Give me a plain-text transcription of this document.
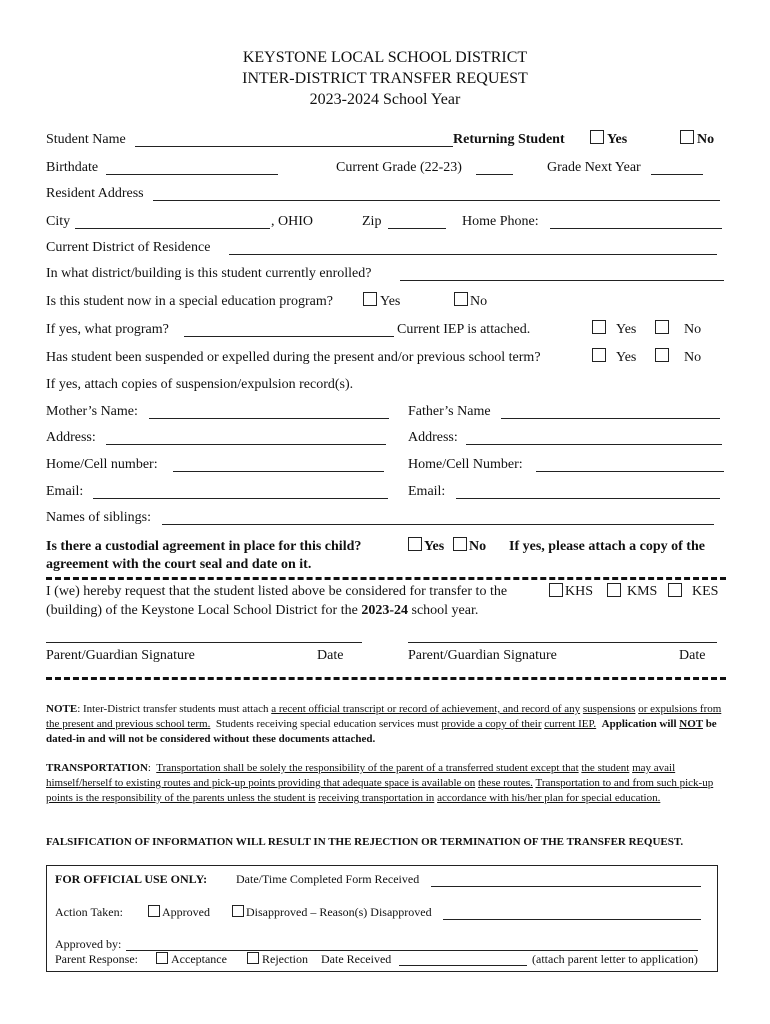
KEYSTONE LOCAL SCHOOL DISTRICT
INTER-DISTRICT TRANSFER REQUEST
2023-2024 School Year
Student Name	Returning Student	Yes	No
Birthdate	Current Grade (22-23)	Grade Next Year
Resident Address
City	, OHIO	Zip	Home Phone:
Current District of Residence
In what district/building is this student currently enrolled?
Is this student now in a special education program?	Yes	No
If yes, what program?	Current IEP is attached.	Yes	No
Has student been suspended or expelled during the present and/or previous school term?	Yes	No
If yes, attach copies of suspension/expulsion record(s).
Mother’s Name:	Father’s Name
Address:	Address:
Home/Cell number:	Home/Cell Number:
Email:	Email:
Names of siblings:
Is there a custodial agreement in place for this child?	Yes No If yes, please attach a copy of the
agreement with the court seal and date on it.
I (we) hereby request that the student listed above be considered for transfer to the	KHS KMS KES
(building) of the Keystone Local School District for the 2023-24 school year.
Parent/Guardian Signature	Date	Parent/Guardian Signature	Date
NOTE: Inter-District transfer students must attach a recent official transcript or record of achievement, and record of any suspensions or expulsions from the present and previous school term. Students receiving special education services must provide a copy of their current IEP. Application will NOT be dated-in and will not be considered without these documents attached.
TRANSPORTATION:  Transportation shall be solely the responsibility of the parent of a transferred student except that the student may avail himself/herself to existing routes and pick-up points providing that adequate space is available on these routes. Transportation to and from such pick-up points is the responsibility of the parents unless the student is receiving transportation in accordance with his/her plan for special education.
FALSIFICATION OF INFORMATION WILL RESULT IN THE REJECTION OR TERMINATION OF THE TRANSFER REQUEST.
FOR OFFICIAL USE ONLY: Date/Time Completed Form Received
Action Taken:	Approved	Disapproved – Reason(s) Disapproved
Approved by:
Parent Response:	Acceptance	Rejection Date Received	(attach parent letter to application)
